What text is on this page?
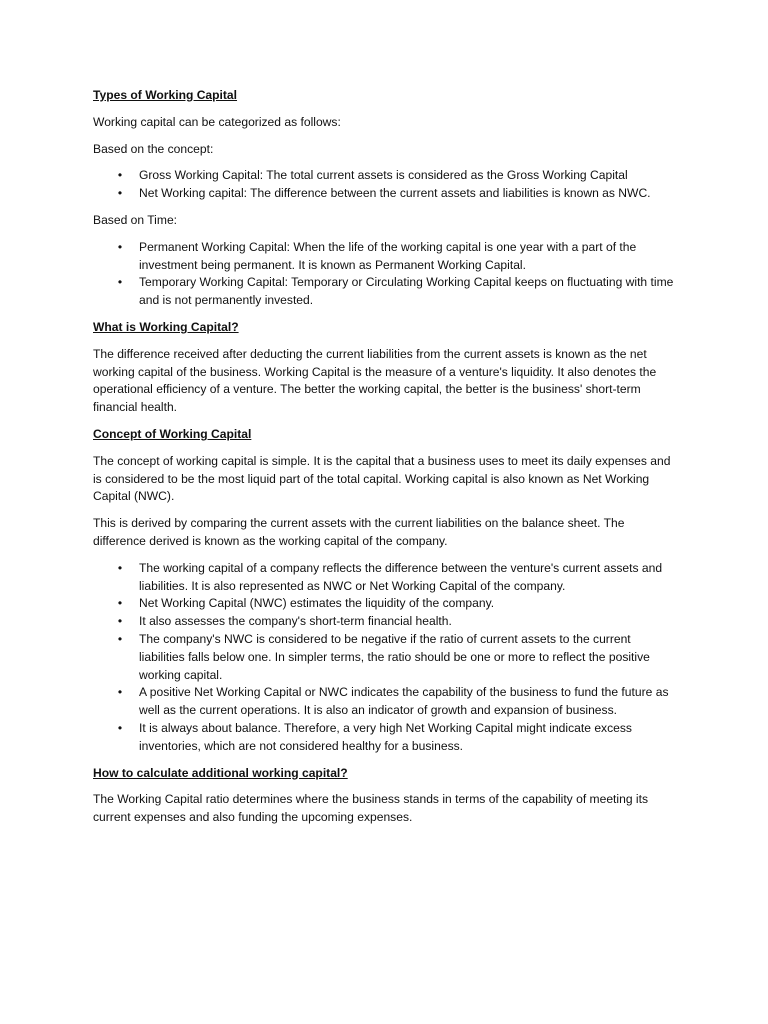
Types of Working Capital

Working capital can be categorized as follows:

Based on the concept:

• Gross Working Capital: The total current assets is considered as the Gross Working Capital
• Net Working capital: The difference between the current assets and liabilities is known as NWC.

Based on Time:

• Permanent Working Capital: When the life of the working capital is one year with a part of the investment being permanent. It is known as Permanent Working Capital.
• Temporary Working Capital: Temporary or Circulating Working Capital keeps on fluctuating with time and is not permanently invested.
What is Working Capital?

The difference received after deducting the current liabilities from the current assets is known as the net working capital of the business. Working Capital is the measure of a venture's liquidity. It also denotes the operational efficiency of a venture. The better the working capital, the better is the business' short-term financial health.

Concept of Working Capital

The concept of working capital is simple. It is the capital that a business uses to meet its daily expenses and is considered to be the most liquid part of the total capital. Working capital is also known as Net Working Capital (NWC).

This is derived by comparing the current assets with the current liabilities on the balance sheet. The difference derived is known as the working capital of the company.

• The working capital of a company reflects the difference between the venture's current assets and liabilities. It is also represented as NWC or Net Working Capital of the company.
• Net Working Capital (NWC) estimates the liquidity of the company.
• It also assesses the company's short-term financial health.
• The company's NWC is considered to be negative if the ratio of current assets to the current liabilities falls below one. In simpler terms, the ratio should be one or more to reflect the positive working capital.
• A positive Net Working Capital or NWC indicates the capability of the business to fund the future as well as the current operations. It is also an indicator of growth and expansion of business.
• It is always about balance. Therefore, a very high Net Working Capital might indicate excess inventories, which are not considered healthy for a business.
How to calculate additional working capital?

The Working Capital ratio determines where the business stands in terms of the capability of meeting its current expenses and also funding the upcoming expenses.
